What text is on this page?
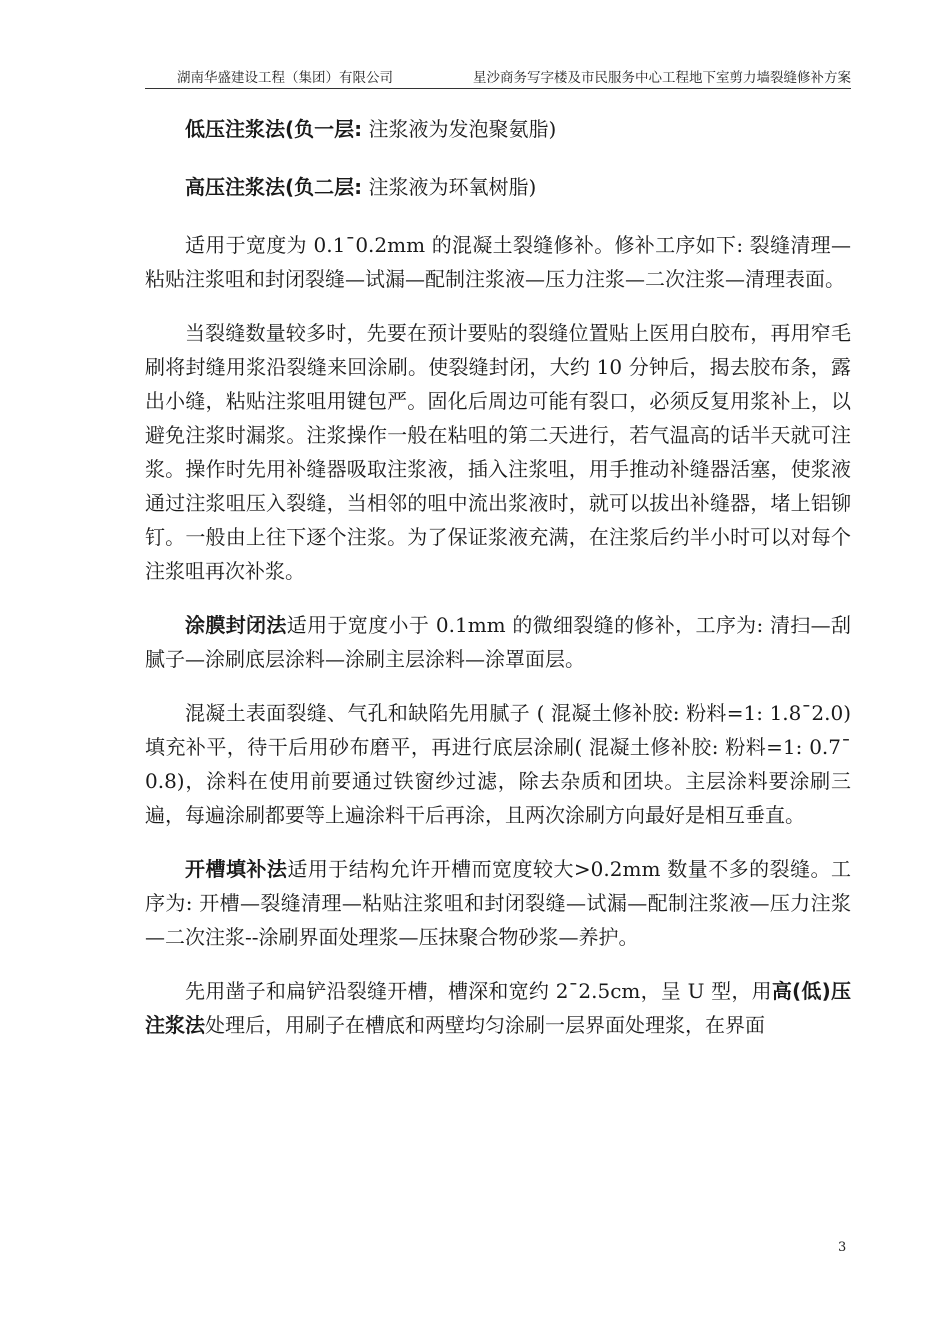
湖南华盛建设工程（集团）有限公司	星沙商务写字楼及市民服务中心工程地下室剪力墙裂缝修补方案

低压注浆法(负一层: 注浆液为发泡聚氨脂)

高压注浆法(负二层: 注浆液为环氧树脂)

适用于宽度为 0.1¯0.2mm 的混凝土裂缝修补。修补工序如下: 裂缝清理—粘贴注浆咀和封闭裂缝—试漏—配制注浆液—压力注浆—二次注浆—清理表面。

当裂缝数量较多时，先要在预计要贴的裂缝位置贴上医用白胶布，再用窄毛刷将封缝用浆沿裂缝来回涂刷。使裂缝封闭，大约 10 分钟后，揭去胶布条，露出小缝，粘贴注浆咀用键包严。固化后周边可能有裂口，必须反复用浆补上，以避免注浆时漏浆。注浆操作一般在粘咀的第二天进行，若气温高的话半天就可注浆。操作时先用补缝器吸取注浆液，插入注浆咀，用手推动补缝器活塞，使浆液通过注浆咀压入裂缝，当相邻的咀中流出浆液时，就可以拔出补缝器，堵上铝铆钉。一般由上往下逐个注浆。为了保证浆液充满，在注浆后约半小时可以对每个注浆咀再次补浆。

涂膜封闭法适用于宽度小于 0.1mm 的微细裂缝的修补，工序为: 清扫—刮腻子—涂刷底层涂料—涂刷主层涂料—涂罩面层。

混凝土表面裂缝、气孔和缺陷先用腻子 ( 混凝土修补胶: 粉料=1: 1.8¯2.0)填充补平，待干后用砂布磨平，再进行底层涂刷( 混凝土修补胶: 粉料=1: 0.7¯0.8)，涂料在使用前要通过铁窗纱过滤，除去杂质和团块。主层涂料要涂刷三遍，每遍涂刷都要等上遍涂料干后再涂，且两次涂刷方向最好是相互垂直。

开槽填补法适用于结构允许开槽而宽度较大>0.2mm 数量不多的裂缝。工序为: 开槽—裂缝清理—粘贴注浆咀和封闭裂缝—试漏—配制注浆液—压力注浆—二次注浆--涂刷界面处理浆—压抹聚合物砂浆—养护。

先用凿子和扁铲沿裂缝开槽，槽深和宽约 2¯2.5cm，呈 U 型，用高(低)压注浆法处理后，用刷子在槽底和两壁均匀涂刷一层界面处理浆，在界面

3
